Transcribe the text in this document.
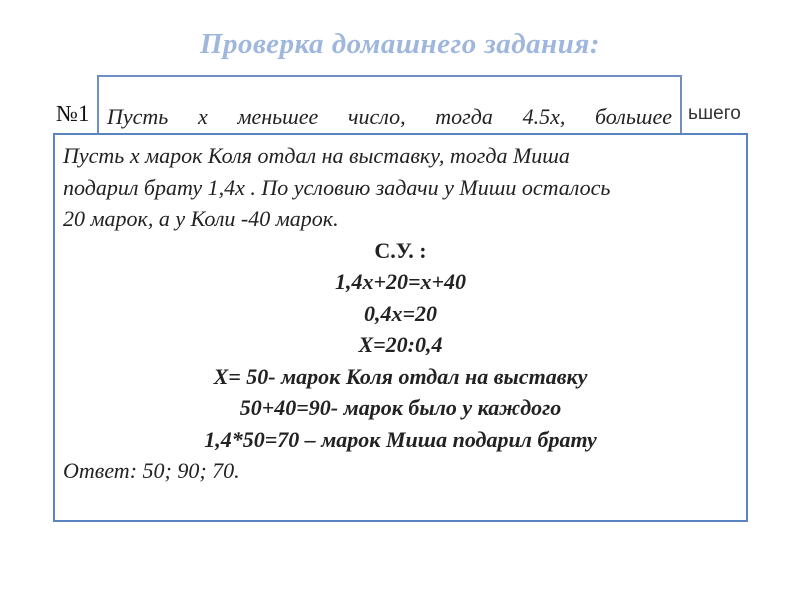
Проверка домашнего задания:
№1	ьшего
Пусть х меньшее число, тогда 4.5х, большее

Пусть х марок Коля отдал на выставку, тогда Миша

подарил брату 1,4х . По условию задачи у Миши осталось

20 марок, а у Коли -40 марок.

С.У. :

1,4х+20=х+40

0,4х=20

Х=20:0,4

Х= 50- марок Коля отдал на выставку

50+40=90- марок было у каждого

1,4*50=70 – марок Миша подарил брату

Ответ: 50; 90; 70.
